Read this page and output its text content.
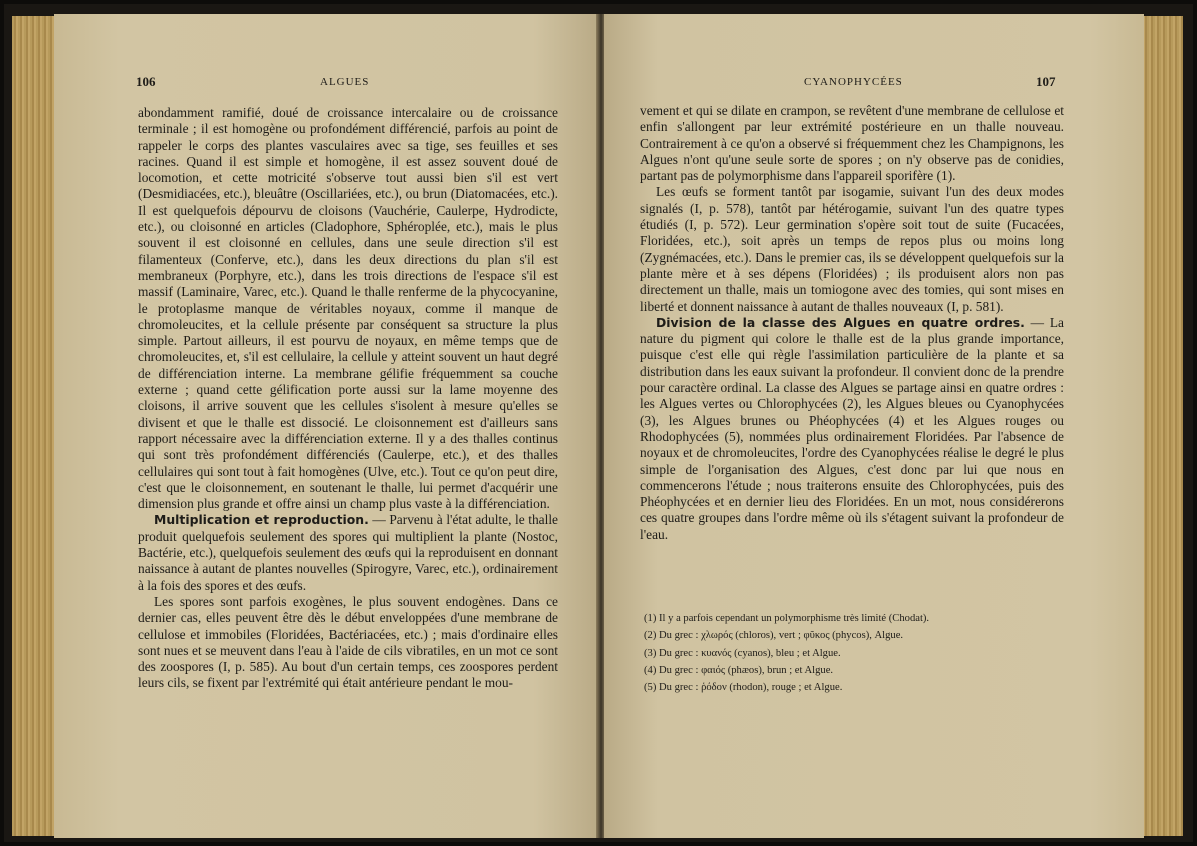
106	ALGUES

abondamment ramifié, doué de croissance intercalaire ou de croissance terminale ; il est homogène ou profondément différencié, parfois au point de rappeler le corps des plantes vasculaires avec sa tige, ses feuilles et ses racines. Quand il est simple et homogène, il est assez souvent doué de locomotion, et cette motricité s'observe tout aussi bien s'il est vert (Desmidiacées, etc.), bleuâtre (Oscillariées, etc.), ou brun (Diatomacées, etc.). Il est quelquefois dépourvu de cloisons (Vauchérie, Caulerpe, Hydrodicte, etc.), ou cloisonné en articles (Cladophore, Sphéroplée, etc.), mais le plus souvent il est cloisonné en cellules, dans une seule direction s'il est filamenteux (Conferve, etc.), dans les deux directions du plan s'il est membraneux (Porphyre, etc.), dans les trois directions de l'espace s'il est massif (Laminaire, Varec, etc.). Quand le thalle renferme de la phycocyanine, le protoplasme manque de véritables noyaux, comme il manque de chromoleucites, et la cellule présente par conséquent sa structure la plus simple. Partout ailleurs, il est pourvu de noyaux, en même temps que de chromoleucites, et, s'il est cellulaire, la cellule y atteint souvent un haut degré de différenciation interne. La membrane gélifie fréquemment sa couche externe ; quand cette gélification porte aussi sur la lame moyenne des cloisons, il arrive souvent que les cellules s'isolent à mesure qu'elles se divisent et que le thalle est dissocié. Le cloisonnement est d'ailleurs sans rapport nécessaire avec la différenciation externe. Il y a des thalles continus qui sont très profondément différenciés (Caulerpe, etc.), et des thalles cellulaires qui sont tout à fait homogènes (Ulve, etc.). Tout ce qu'on peut dire, c'est que le cloisonnement, en soutenant le thalle, lui permet d'acquérir une dimension plus grande et offre ainsi un champ plus vaste à la différenciation.

Multiplication et reproduction. — Parvenu à l'état adulte, le thalle produit quelquefois seulement des spores qui multiplient la plante (Nostoc, Bactérie, etc.), quelquefois seulement des œufs qui la reproduisent en donnant naissance à autant de plantes nouvelles (Spirogyre, Varec, etc.), ordinairement à la fois des spores et des œufs.

Les spores sont parfois exogènes, le plus souvent endogènes. Dans ce dernier cas, elles peuvent être dès le début enveloppées d'une membrane de cellulose et immobiles (Floridées, Bactériacées, etc.) ; mais d'ordinaire elles sont nues et se meuvent dans l'eau à l'aide de cils vibratiles, en un mot ce sont des zoospores (I, p. 585). Au bout d'un certain temps, ces zoospores perdent leurs cils, se fixent par l'extrémité qui était antérieure pendant le mou-

CYANOPHYCÉES	107

vement et qui se dilate en crampon, se revêtent d'une membrane de cellulose et enfin s'allongent par leur extrémité postérieure en un thalle nouveau. Contrairement à ce qu'on a observé si fréquemment chez les Champignons, les Algues n'ont qu'une seule sorte de spores ; on n'y observe pas de conidies, partant pas de polymorphisme dans l'appareil sporifère (1).

Les œufs se forment tantôt par isogamie, suivant l'un des deux modes signalés (I, p. 578), tantôt par hétérogamie, suivant l'un des quatre types étudiés (I, p. 572). Leur germination s'opère soit tout de suite (Fucacées, Floridées, etc.), soit après un temps de repos plus ou moins long (Zygnémacées, etc.). Dans le premier cas, ils se développent quelquefois sur la plante mère et à ses dépens (Floridées) ; ils produisent alors non pas directement un thalle, mais un tomiogone avec des tomies, qui sont mises en liberté et donnent naissance à autant de thalles nouveaux (I, p. 581).

Division de la classe des Algues en quatre ordres. — La nature du pigment qui colore le thalle est de la plus grande importance, puisque c'est elle qui règle l'assimilation particulière de la plante et sa distribution dans les eaux suivant la profondeur. Il convient donc de la prendre pour caractère ordinal. La classe des Algues se partage ainsi en quatre ordres : les Algues vertes ou Chlorophycées (2), les Algues bleues ou Cyanophycées (3), les Algues brunes ou Phéophycées (4) et les Algues rouges ou Rhodophycées (5), nommées plus ordinairement Floridées. Par l'absence de noyaux et de chromoleucites, l'ordre des Cyanophycées réalise le degré le plus simple de l'organisation des Algues, c'est donc par lui que nous en commencerons l'étude ; nous traiterons ensuite des Chlorophycées, puis des Phéophycées et en dernier lieu des Floridées. En un mot, nous considérerons ces quatre groupes dans l'ordre même où ils s'étagent suivant la profondeur de l'eau.

(1) Il y a parfois cependant un polymorphisme très limité (Chodat).
(2) Du grec : χλωρός (chloros), vert ; φῦκος (phycos), Algue.
(3) Du grec : κυανός (cyanos), bleu ; et Algue.
(4) Du grec : φαιός (phæos), brun ; et Algue.
(5) Du grec : ῥόδον (rhodon), rouge ; et Algue.
